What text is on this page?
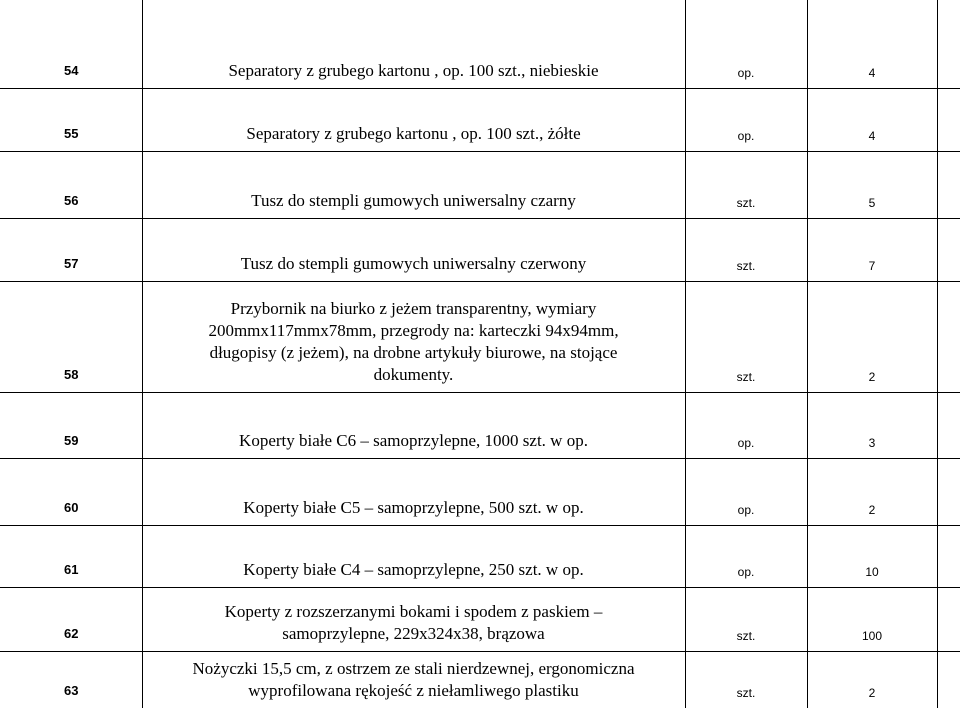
54	Separatory z grubego kartonu , op. 100 szt., niebieskie	op.	4	
55	Separatory z grubego kartonu , op. 100 szt., żółte	op.	4	
56	Tusz do stempli gumowych uniwersalny czarny	szt.	5	
57	Tusz do stempli gumowych uniwersalny czerwony	szt.	7	
58	Przybornik na biurko z jeżem transparentny, wymiary
200mmx117mmx78mm, przegrody na: karteczki 94x94mm,
długopisy (z jeżem), na drobne artykuły biurowe, na stojące
dokumenty.	szt.	2	
59	Koperty białe C6 – samoprzylepne, 1000 szt. w op.	op.	3	
60	Koperty białe C5 – samoprzylepne, 500 szt. w op.	op.	2	
61	Koperty białe C4 – samoprzylepne, 250 szt. w op.	op.	10	
62	Koperty z rozszerzanymi bokami i spodem z paskiem –
samoprzylepne, 229x324x38, brązowa	szt.	100	
63	Nożyczki 15,5 cm, z ostrzem ze stali nierdzewnej, ergonomiczna
wyprofilowana rękojeść z niełamliwego plastiku	szt.	2	
